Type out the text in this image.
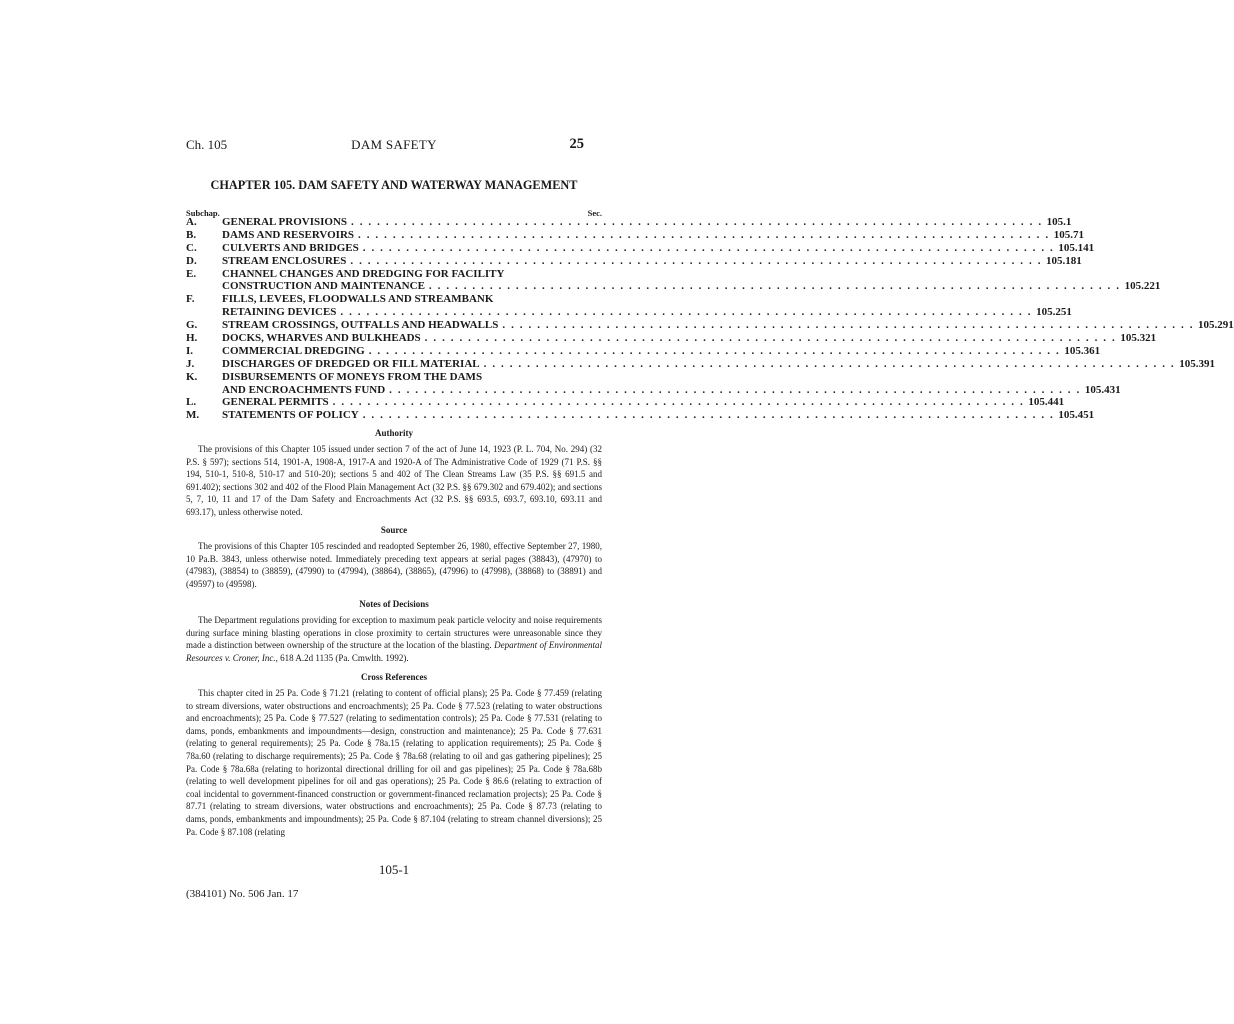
Ch. 105	DAM SAFETY	25
CHAPTER 105. DAM SAFETY AND WATERWAY MANAGEMENT
Subchap.	Sec.
A.	GENERAL PROVISIONS . . . . . . . . . . . . . . . . . . . . . . . . . . . . . . . . . . . . . . . . . . . . . . . . . . . . . . . . . . . . . . . . . . . . . . . . . . . . . . . . 105.1
B.	DAMS AND RESERVOIRS . . . . . . . . . . . . . . . . . . . . . . . . . . . . . . . . . . . . . . . . . . . . . . . . . . . . . . . . . . . . . . . . . . . . . . . . . . . . . . . . 105.71
C.	CULVERTS AND BRIDGES . . . . . . . . . . . . . . . . . . . . . . . . . . . . . . . . . . . . . . . . . . . . . . . . . . . . . . . . . . . . . . . . . . . . . . . . . . . . . . . . 105.141
D.	STREAM ENCLOSURES . . . . . . . . . . . . . . . . . . . . . . . . . . . . . . . . . . . . . . . . . . . . . . . . . . . . . . . . . . . . . . . . . . . . . . . . . . . . . . . . 105.181
E.	CHANNEL CHANGES AND DREDGING FOR FACILITY
CONSTRUCTION AND MAINTENANCE . . . . . . . . . . . . . . . . . . . . . . . . . . . . . . . . . . . . . . . . . . . . . . . . . . . . . . . . . . . . . . . . . . . . . . . . . . . . . . . . 105.221
F.	FILLS, LEVEES, FLOODWALLS AND STREAMBANK
RETAINING DEVICES . . . . . . . . . . . . . . . . . . . . . . . . . . . . . . . . . . . . . . . . . . . . . . . . . . . . . . . . . . . . . . . . . . . . . . . . . . . . . . . . 105.251
G.	STREAM CROSSINGS, OUTFALLS AND HEADWALLS . . . . . . . . . . . . . . . . . . . . . . . . . . . . . . . . . . . . . . . . . . . . . . . . . . . . . . . . . . . . . . . . . . . . . . . . . . . . . . . . 105.291
H.	DOCKS, WHARVES AND BULKHEADS . . . . . . . . . . . . . . . . . . . . . . . . . . . . . . . . . . . . . . . . . . . . . . . . . . . . . . . . . . . . . . . . . . . . . . . . . . . . . . . . 105.321
I.	COMMERCIAL DREDGING . . . . . . . . . . . . . . . . . . . . . . . . . . . . . . . . . . . . . . . . . . . . . . . . . . . . . . . . . . . . . . . . . . . . . . . . . . . . . . . . 105.361
J.	DISCHARGES OF DREDGED OR FILL MATERIAL . . . . . . . . . . . . . . . . . . . . . . . . . . . . . . . . . . . . . . . . . . . . . . . . . . . . . . . . . . . . . . . . . . . . . . . . . . . . . . . . 105.391
K.	DISBURSEMENTS OF MONEYS FROM THE DAMS
AND ENCROACHMENTS FUND . . . . . . . . . . . . . . . . . . . . . . . . . . . . . . . . . . . . . . . . . . . . . . . . . . . . . . . . . . . . . . . . . . . . . . . . . . . . . . . . 105.431
L.	GENERAL PERMITS . . . . . . . . . . . . . . . . . . . . . . . . . . . . . . . . . . . . . . . . . . . . . . . . . . . . . . . . . . . . . . . . . . . . . . . . . . . . . . . . 105.441
M.	STATEMENTS OF POLICY . . . . . . . . . . . . . . . . . . . . . . . . . . . . . . . . . . . . . . . . . . . . . . . . . . . . . . . . . . . . . . . . . . . . . . . . . . . . . . . . 105.451
Authority
The provisions of this Chapter 105 issued under section 7 of the act of June 14, 1923 (P. L. 704, No. 294) (32 P.S. § 597); sections 514, 1901-A, 1908-A, 1917-A and 1920-A of The Administrative Code of 1929 (71 P.S. §§ 194, 510-1, 510-8, 510-17 and 510-20); sections 5 and 402 of The Clean Streams Law (35 P.S. §§ 691.5 and 691.402); sections 302 and 402 of the Flood Plain Management Act (32 P.S. §§ 679.302 and 679.402); and sections 5, 7, 10, 11 and 17 of the Dam Safety and Encroachments Act (32 P.S. §§ 693.5, 693.7, 693.10, 693.11 and 693.17), unless otherwise noted.
Source
The provisions of this Chapter 105 rescinded and readopted September 26, 1980, effective September 27, 1980, 10 Pa.B. 3843, unless otherwise noted. Immediately preceding text appears at serial pages (38843), (47970) to (47983), (38854) to (38859), (47990) to (47994), (38864), (38865), (47996) to (47998), (38868) to (38891) and (49597) to (49598).
Notes of Decisions
The Department regulations providing for exception to maximum peak particle velocity and noise requirements during surface mining blasting operations in close proximity to certain structures were unreasonable since they made a distinction between ownership of the structure at the location of the blasting. Department of Environmental Resources v. Croner, Inc., 618 A.2d 1135 (Pa. Cmwlth. 1992).
Cross References
This chapter cited in 25 Pa. Code § 71.21 (relating to content of official plans); 25 Pa. Code § 77.459 (relating to stream diversions, water obstructions and encroachments); 25 Pa. Code § 77.523 (relating to water obstructions and encroachments); 25 Pa. Code § 77.527 (relating to sedimentation controls); 25 Pa. Code § 77.531 (relating to dams, ponds, embankments and impoundments—design, construction and maintenance); 25 Pa. Code § 77.631 (relating to general requirements); 25 Pa. Code § 78a.15 (relating to application requirements); 25 Pa. Code § 78a.60 (relating to discharge requirements); 25 Pa. Code § 78a.68 (relating to oil and gas gathering pipelines); 25 Pa. Code § 78a.68a (relating to horizontal directional drilling for oil and gas pipelines); 25 Pa. Code § 78a.68b (relating to well development pipelines for oil and gas operations); 25 Pa. Code § 86.6 (relating to extraction of coal incidental to government-financed construction or government-financed reclamation projects); 25 Pa. Code § 87.71 (relating to stream diversions, water obstructions and encroachments); 25 Pa. Code § 87.73 (relating to dams, ponds, embankments and impoundments); 25 Pa. Code § 87.104 (relating to stream channel diversions); 25 Pa. Code § 87.108 (relating
105-1
(384101) No. 506 Jan. 17
